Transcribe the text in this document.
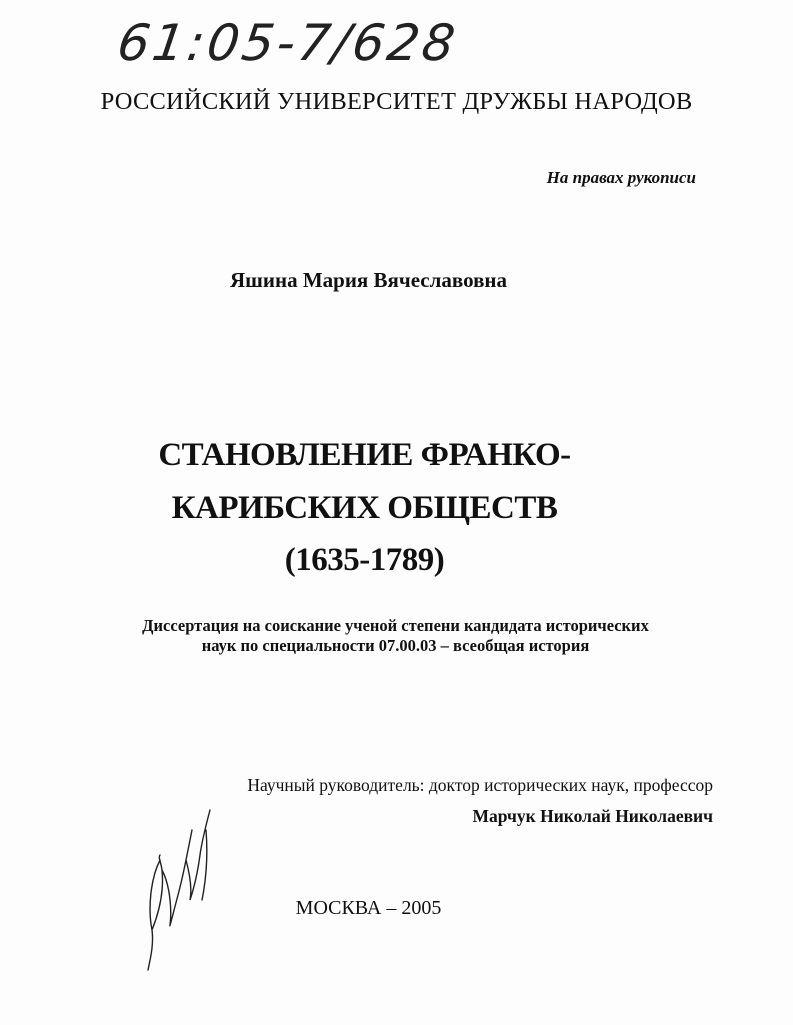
61:05-7/628
РОССИЙСКИЙ УНИВЕРСИТЕТ ДРУЖБЫ НАРОДОВ
На правах рукописи
Яшина Мария Вячеславовна
СТАНОВЛЕНИЕ ФРАНКО-
КАРИБСКИХ ОБЩЕСТВ
(1635-1789)
Диссертация на соискание ученой степени кандидата исторических
наук по специальности 07.00.03 – всеобщая история
Научный руководитель: доктор исторических наук, профессор
Марчук Николай Николаевич
МОСКВА – 2005
